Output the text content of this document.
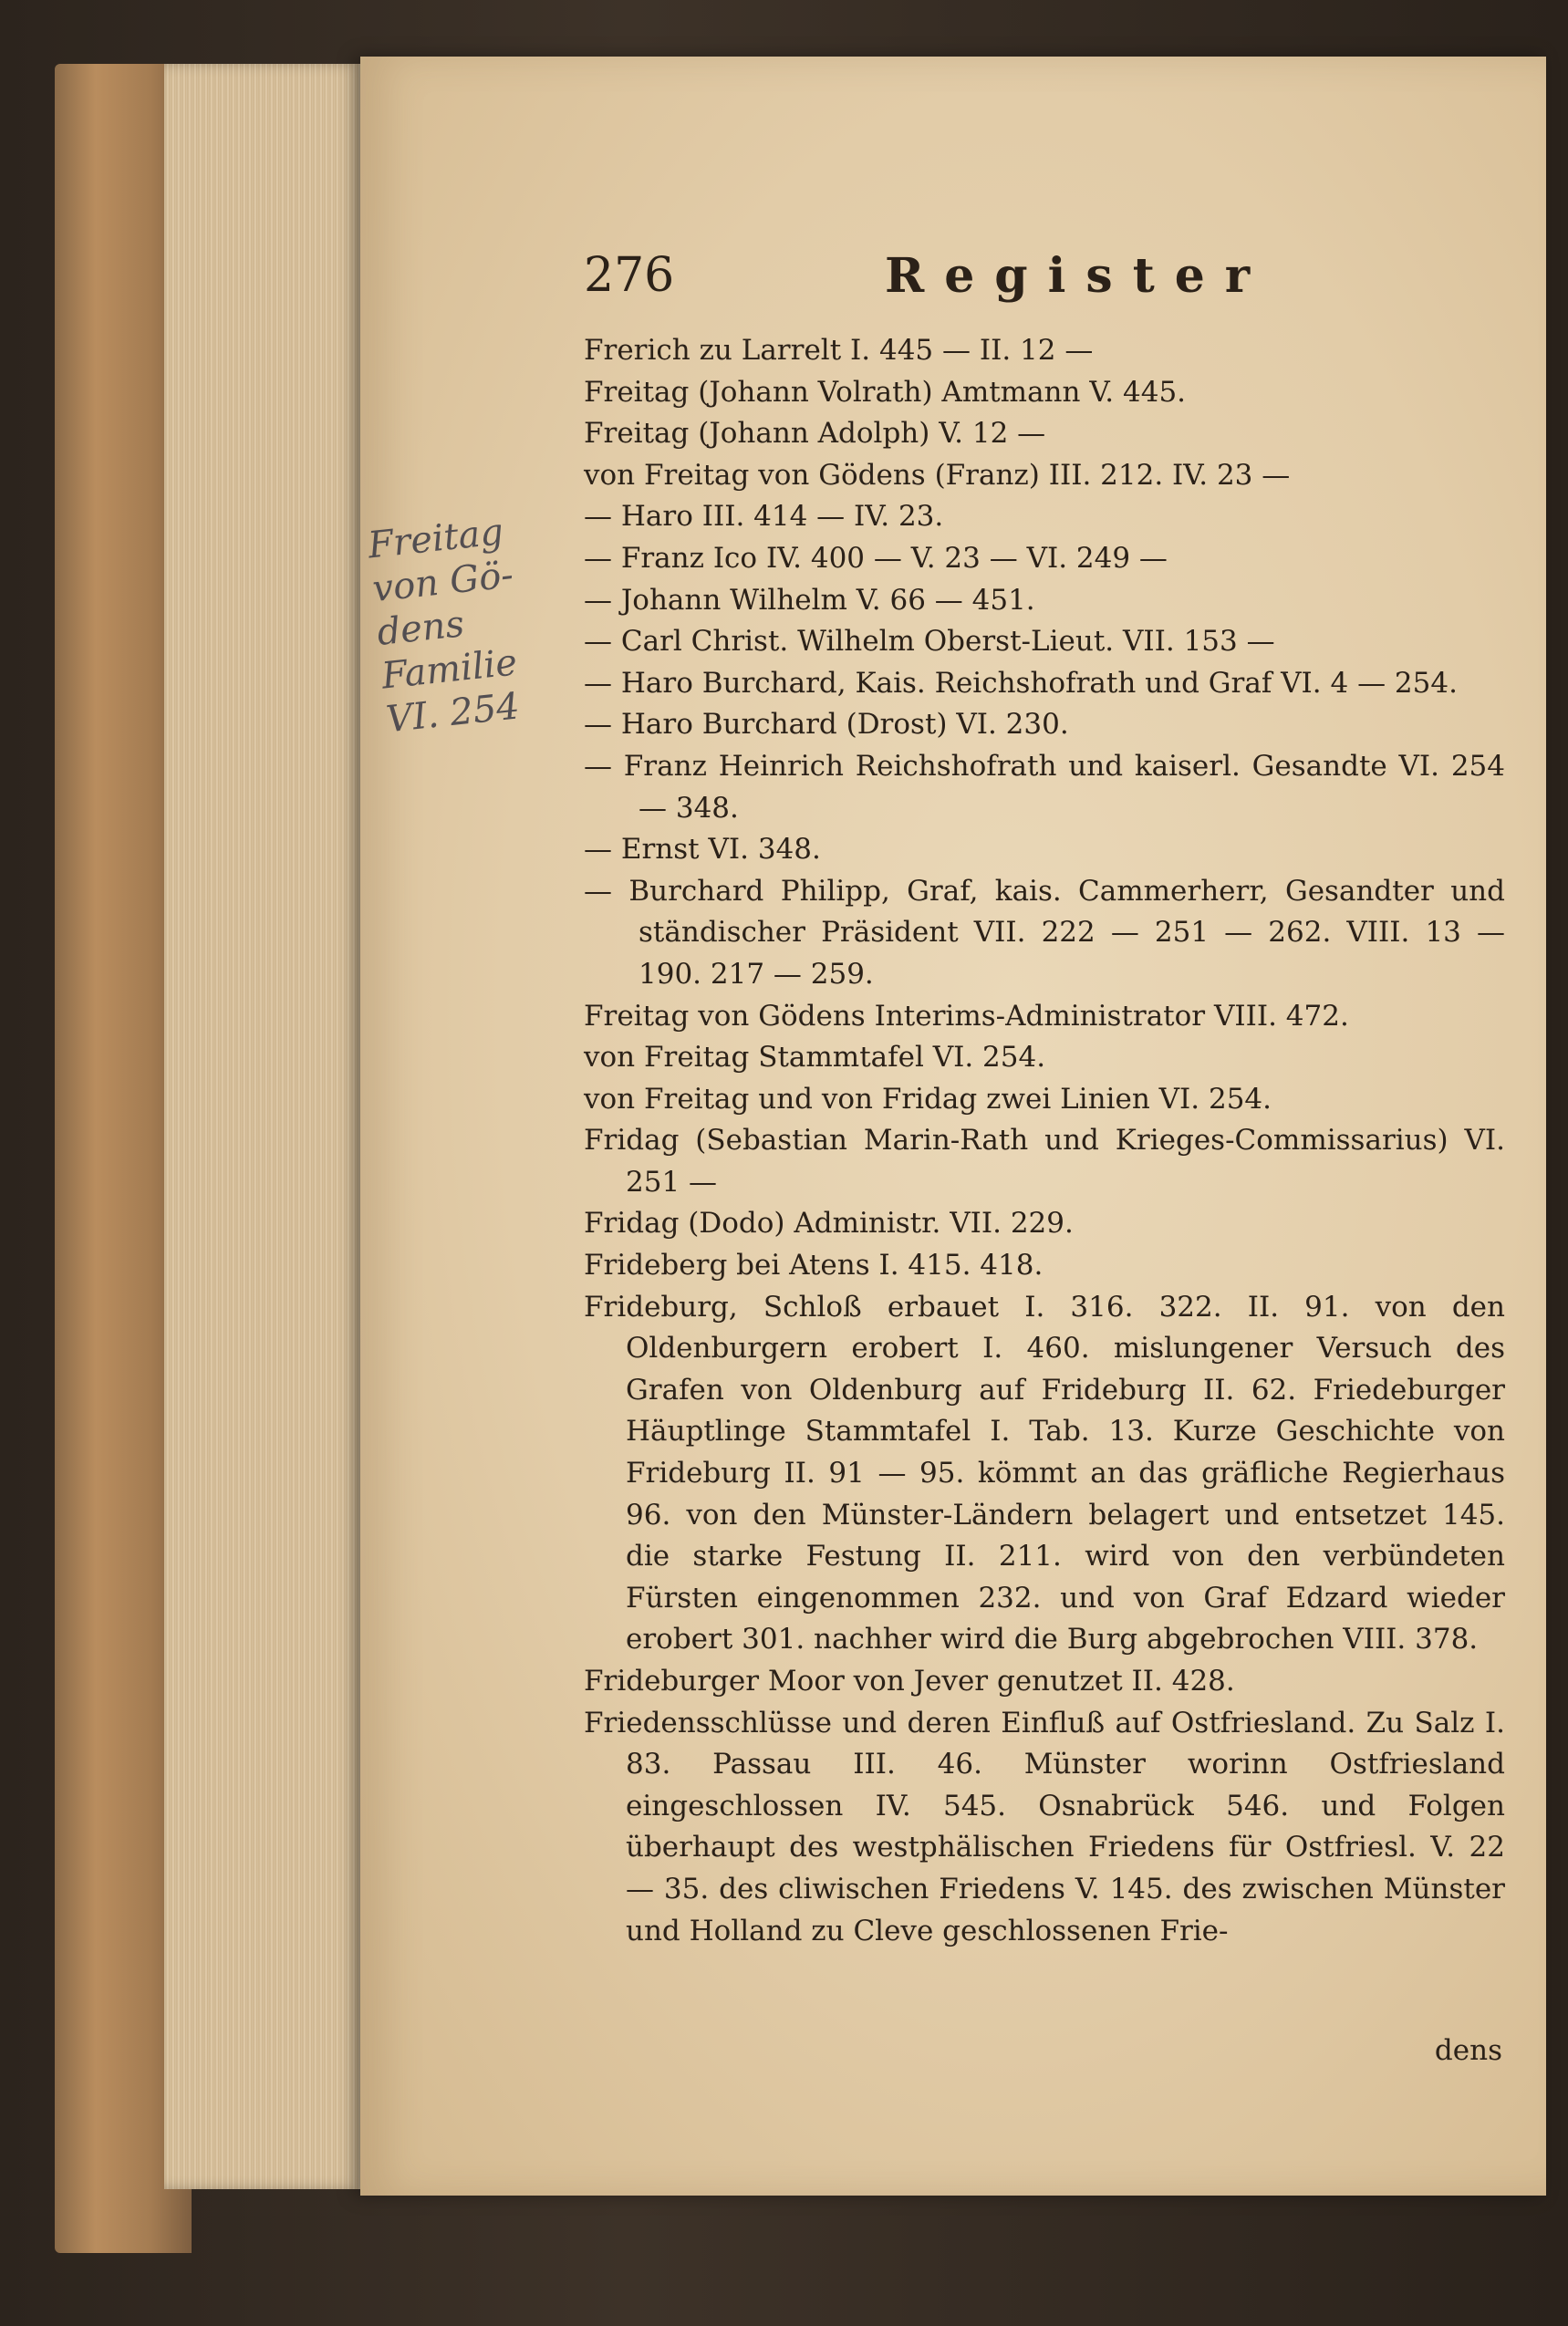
276	Register
Freitag
von Gö-
dens
Familie
VI. 254

Frerich zu Larrelt I. 445 — II. 12 —

Freitag (Johann Volrath) Amtmann V. 445.

Freitag (Johann Adolph) V. 12 —

von Freitag von Gödens (Franz) III. 212. IV. 23 —

— Haro III. 414 — IV. 23.

— Franz Ico IV. 400 — V. 23 — VI. 249 —

— Johann Wilhelm V. 66 — 451.

— Carl Christ. Wilhelm Oberst-Lieut. VII. 153 —

— Haro Burchard, Kais. Reichshofrath und Graf VI. 4 — 254.

— Haro Burchard (Drost) VI. 230.

— Franz Heinrich Reichshofrath und kaiserl. Gesandte VI. 254 — 348.

— Ernst VI. 348.

— Burchard Philipp, Graf, kais. Cammerherr, Gesandter und ständischer Präsident VII. 222 — 251 — 262. VIII. 13 — 190. 217 — 259.

Freitag von Gödens Interims-Administrator VIII. 472.

von Freitag Stammtafel VI. 254.

von Freitag und von Fridag zwei Linien VI. 254.

Fridag (Sebastian Marin-Rath und Krieges-Commissarius) VI. 251 —

Fridag (Dodo) Administr. VII. 229.

Frideberg bei Atens I. 415. 418.

Frideburg, Schloß erbauet I. 316. 322. II. 91. von den Oldenburgern erobert I. 460. mislungener Versuch des Grafen von Oldenburg auf Frideburg II. 62. Friedeburger Häuptlinge Stammtafel I. Tab. 13. Kurze Geschichte von Frideburg II. 91 — 95. kömmt an das gräfliche Regierhaus 96. von den Münster-Ländern belagert und entsetzet 145. die starke Festung II. 211. wird von den verbündeten Fürsten eingenommen 232. und von Graf Edzard wieder erobert 301. nachher wird die Burg abgebrochen VIII. 378.

Frideburger Moor von Jever genutzet II. 428.

Friedensschlüsse und deren Einfluß auf Ostfriesland. Zu Salz I. 83. Passau III. 46. Münster worinn Ostfriesland eingeschlossen IV. 545. Osnabrück 546. und Folgen überhaupt des westphälischen Friedens für Ostfriesl. V. 22 — 35. des cliwischen Friedens V. 145. des zwischen Münster und Holland zu Cleve geschlossenen Frie-

dens
